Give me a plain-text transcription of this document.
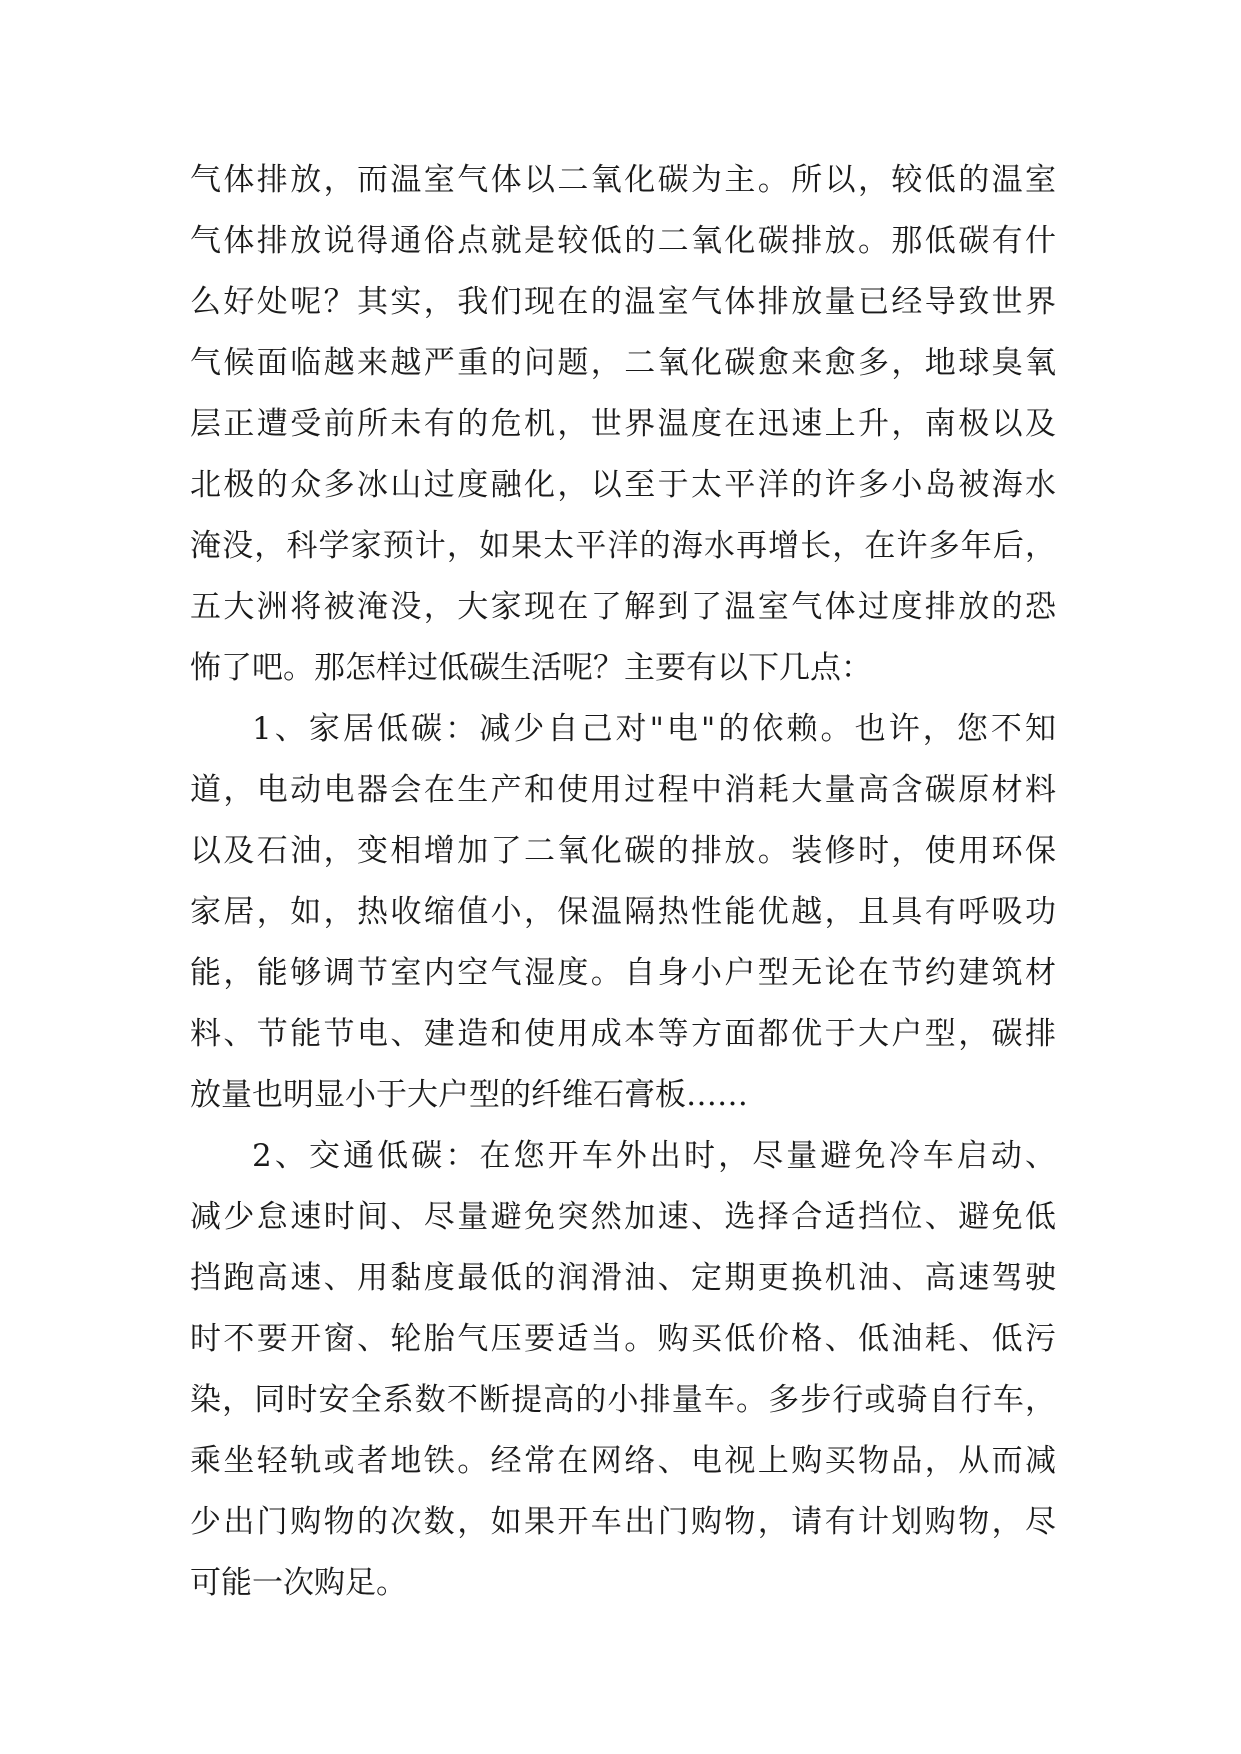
气体排放，而温室气体以二氧化碳为主。所以，较低的温室
气体排放说得通俗点就是较低的二氧化碳排放。那低碳有什
么好处呢？其实，我们现在的温室气体排放量已经导致世界
气候面临越来越严重的问题，二氧化碳愈来愈多，地球臭氧
层正遭受前所未有的危机，世界温度在迅速上升，南极以及
北极的众多冰山过度融化，以至于太平洋的许多小岛被海水
淹没，科学家预计，如果太平洋的海水再增长，在许多年后，
五大洲将被淹没，大家现在了解到了温室气体过度排放的恐
怖了吧。那怎样过低碳生活呢？主要有以下几点：
1、家居低碳：减少自己对"电"的依赖。也许，您不知
道，电动电器会在生产和使用过程中消耗大量高含碳原材料
以及石油，变相增加了二氧化碳的排放。装修时，使用环保
家居，如，热收缩值小，保温隔热性能优越，且具有呼吸功
能，能够调节室内空气湿度。自身小户型无论在节约建筑材
料、节能节电、建造和使用成本等方面都优于大户型，碳排
放量也明显小于大户型的纤维石膏板……
2、交通低碳：在您开车外出时，尽量避免冷车启动、
减少怠速时间、尽量避免突然加速、选择合适挡位、避免低
挡跑高速、用黏度最低的润滑油、定期更换机油、高速驾驶
时不要开窗、轮胎气压要适当。购买低价格、低油耗、低污
染，同时安全系数不断提高的小排量车。多步行或骑自行车，
乘坐轻轨或者地铁。经常在网络、电视上购买物品，从而减
少出门购物的次数，如果开车出门购物，请有计划购物，尽
可能一次购足。
